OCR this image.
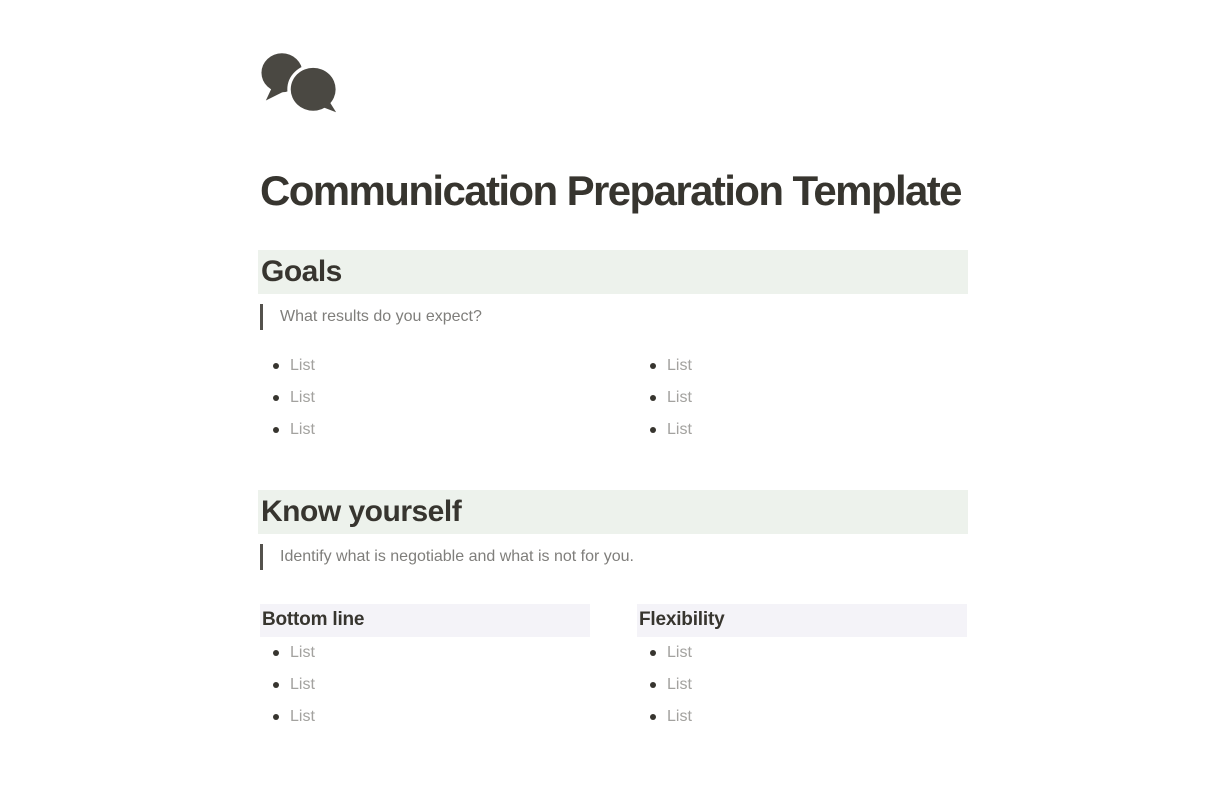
Communication Preparation Template
Goals
What results do you expect?
List
List
List
List
List
List
Know yourself
Identify what is negotiable and what is not for you.
Bottom line
List
List
List
Flexibility
List
List
List
